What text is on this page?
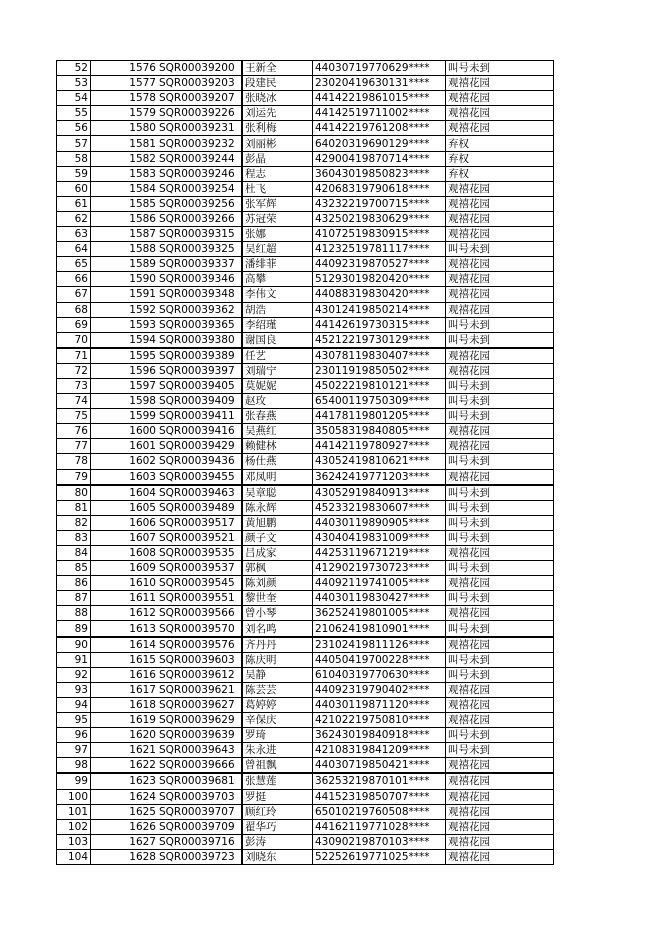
52	1576	SQR00039200	王新全	44030719770629****	叫号未到
53	1577	SQR00039203	段建民	23020419630131****	观禧花园
54	1578	SQR00039207	张晓冰	44142219861015****	观禧花园
55	1579	SQR00039226	刘运先	44142519711002****	观禧花园
56	1580	SQR00039231	张利梅	44142219761208****	观禧花园
57	1581	SQR00039232	刘丽彬	64020319690129****	弃权
58	1582	SQR00039244	彭晶	42900419870714****	弃权
59	1583	SQR00039246	程志	36043019850823****	弃权
60	1584	SQR00039254	杜飞	42068319790618****	观禧花园
61	1585	SQR00039256	张军辉	43232219700715****	观禧花园
62	1586	SQR00039266	苏冠荣	43250219830629****	观禧花园
63	1587	SQR00039315	张娜	41072519830915****	观禧花园
64	1588	SQR00039325	吴红超	41232519781117****	叫号未到
65	1589	SQR00039337	潘绯菲	44092319870527****	观禧花园
66	1590	SQR00039346	高攀	51293019820420****	观禧花园
67	1591	SQR00039348	李伟文	44088319830420****	观禧花园
68	1592	SQR00039362	胡浩	43012419850214****	观禧花园
69	1593	SQR00039365	李绍瑾	44142619730315****	叫号未到
70	1594	SQR00039380	谢国良	45212219730129****	叫号未到
71	1595	SQR00039389	任艺	43078119830407****	观禧花园
72	1596	SQR00039397	刘瑞宁	23011919850502****	观禧花园
73	1597	SQR00039405	莫妮妮	45022219810121****	叫号未到
74	1598	SQR00039409	赵玫	65400119750309****	叫号未到
75	1599	SQR00039411	张春燕	44178119801205****	叫号未到
76	1600	SQR00039416	吴燕红	35058319840805****	观禧花园
77	1601	SQR00039429	赖健林	44142119780927****	观禧花园
78	1602	SQR00039436	杨仕燕	43052419810621****	叫号未到
79	1603	SQR00039455	邓凤明	36242419771203****	观禧花园
80	1604	SQR00039463	吴章聪	43052919840913****	叫号未到
81	1605	SQR00039489	陈永辉	45233219830607****	叫号未到
82	1606	SQR00039517	黄旭鹏	44030119890905****	叫号未到
83	1607	SQR00039521	颜子文	43040419831009****	叫号未到
84	1608	SQR00039535	吕成家	44253119671219****	观禧花园
85	1609	SQR00039537	郭枫	41290219730723****	叫号未到
86	1610	SQR00039545	陈刘颜	44092119741005****	观禧花园
87	1611	SQR00039551	黎世奎	44030119830427****	叫号未到
88	1612	SQR00039566	曾小琴	36252419801005****	观禧花园
89	1613	SQR00039570	刘名鸣	21062419810901****	叫号未到
90	1614	SQR00039576	齐丹丹	23102419811126****	观禧花园
91	1615	SQR00039603	陈庆明	44050419700228****	叫号未到
92	1616	SQR00039612	吴静	61040319770630****	叫号未到
93	1617	SQR00039621	陈芸芸	44092319790402****	观禧花园
94	1618	SQR00039627	葛婷婷	44030119871120****	观禧花园
95	1619	SQR00039629	辛保庆	42102219750810****	观禧花园
96	1620	SQR00039639	罗琦	36243019840918****	叫号未到
97	1621	SQR00039643	朱永进	42108319841209****	叫号未到
98	1622	SQR00039666	曾祖飘	44030719850421****	观禧花园
99	1623	SQR00039681	张慧莲	36253219870101****	观禧花园
100	1624	SQR00039703	罗挺	44152319850707****	观禧花园
101	1625	SQR00039707	顾红玲	65010219760508****	观禧花园
102	1626	SQR00039709	翟华巧	44162119771028****	观禧花园
103	1627	SQR00039716	彭涛	43090219870103****	观禧花园
104	1628	SQR00039723	刘晓东	52252619771025****	观禧花园
